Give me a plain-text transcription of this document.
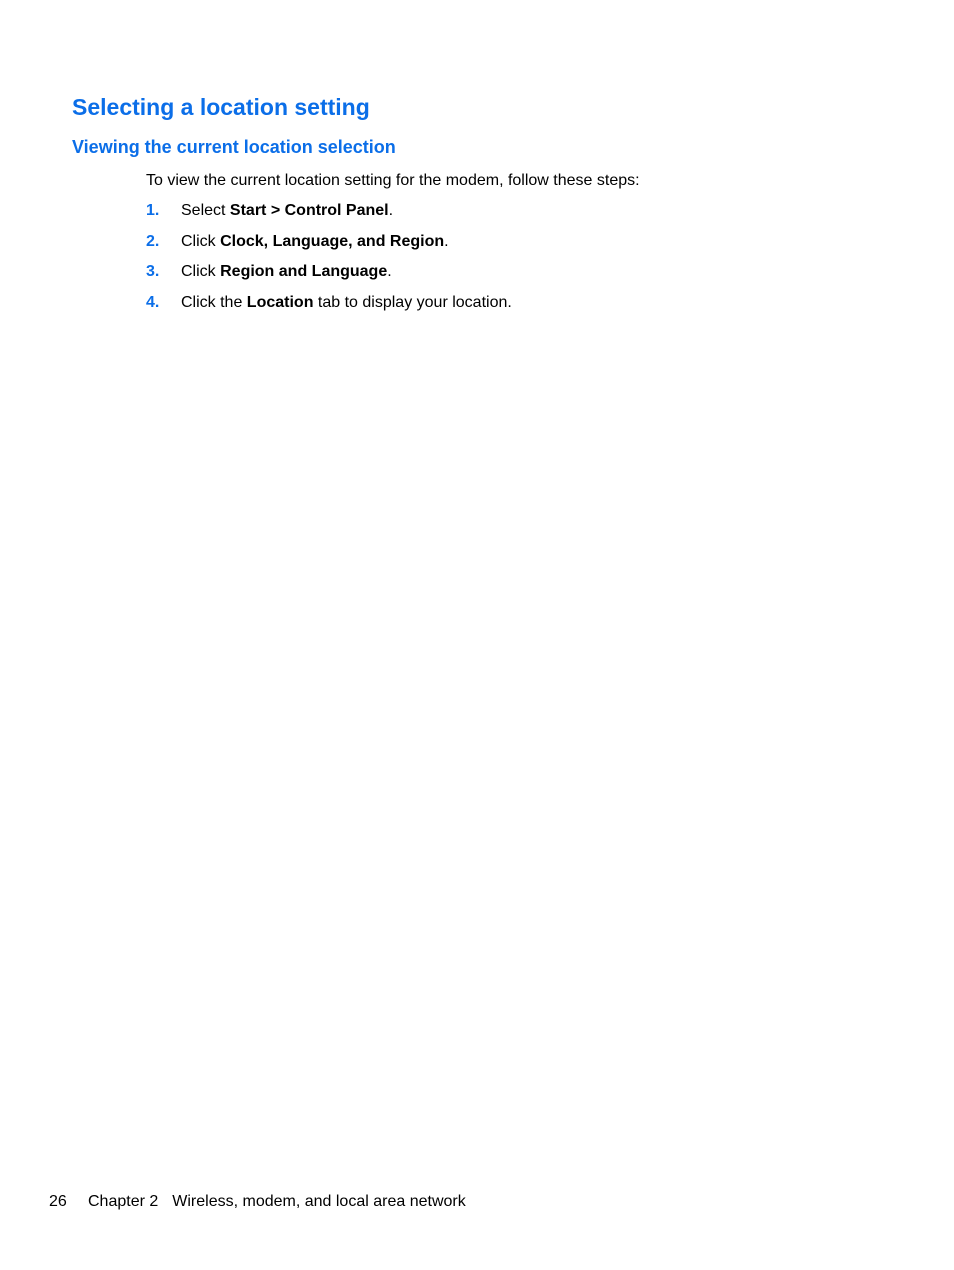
Selecting a location setting
Viewing the current location selection

To view the current location setting for the modem, follow these steps:

1. Select Start > Control Panel.
2. Click Clock, Language, and Region.
3. Click Region and Language.
4. Click the Location tab to display your location.
26 Chapter 2 Wireless, modem, and local area network
